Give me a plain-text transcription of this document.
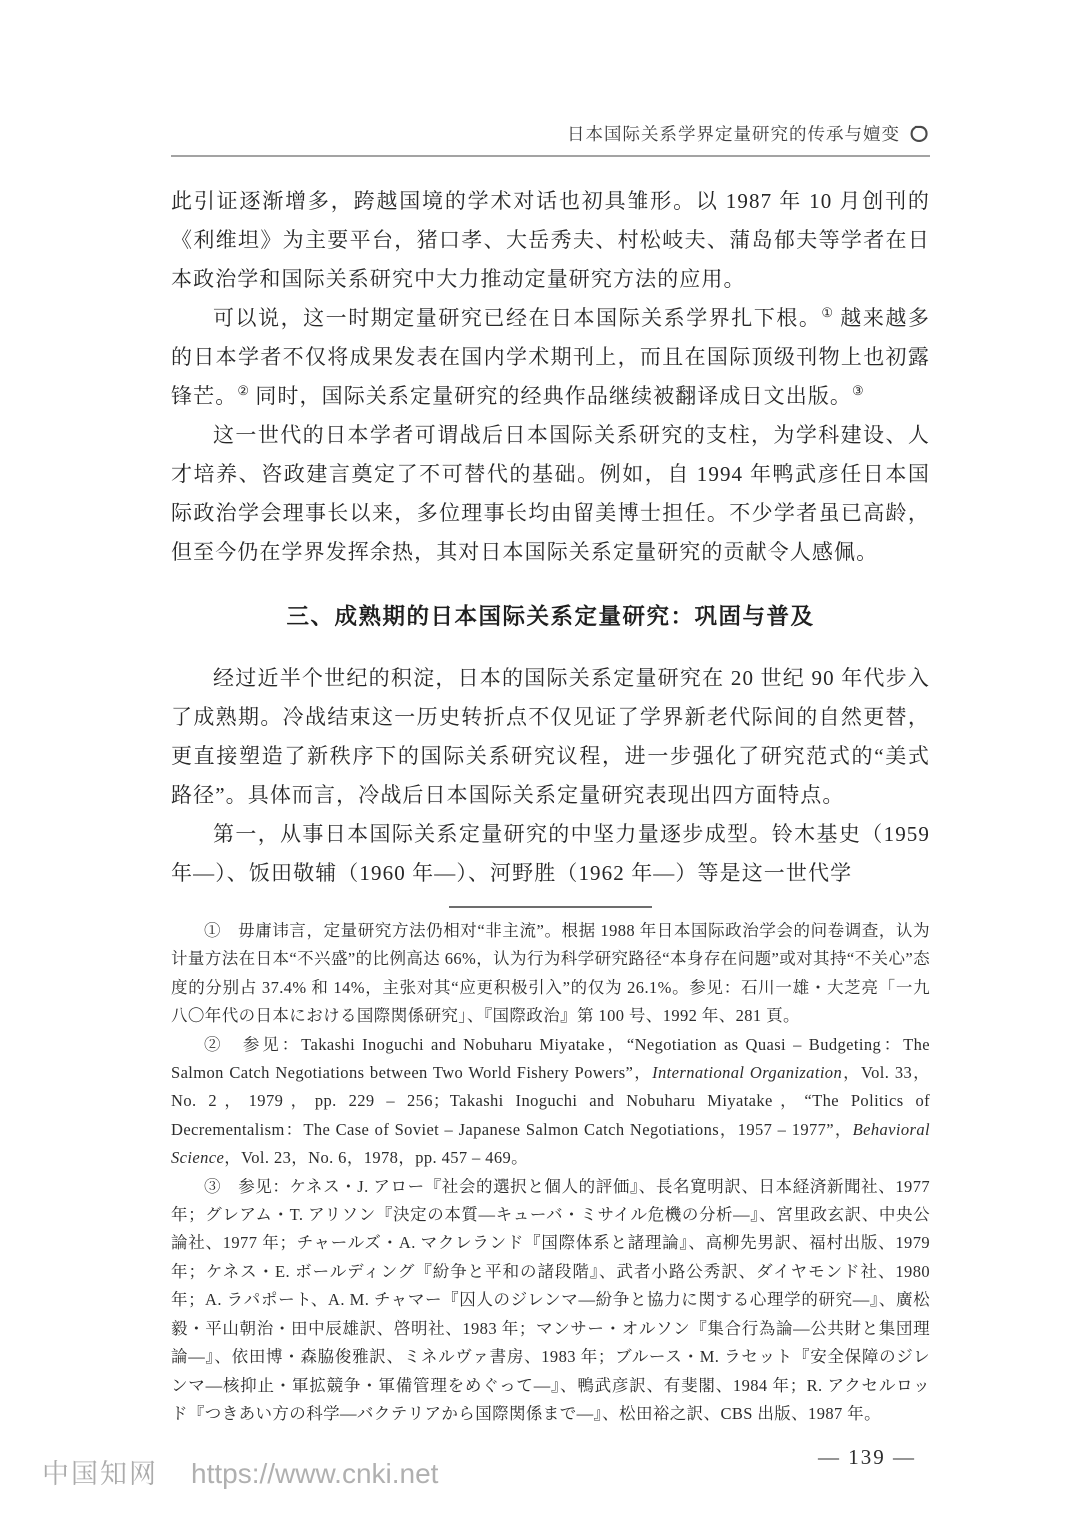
日本国际关系学界定量研究的传承与嬗变

此引证逐渐增多，跨越国境的学术对话也初具雏形。以 1987 年 10 月创刊的《利维坦》为主要平台，猪口孝、大岳秀夫、村松岐夫、蒲岛郁夫等学者在日本政治学和国际关系研究中大力推动定量研究方法的应用。

可以说，这一时期定量研究已经在日本国际关系学界扎下根。① 越来越多的日本学者不仅将成果发表在国内学术期刊上，而且在国际顶级刊物上也初露锋芒。② 同时，国际关系定量研究的经典作品继续被翻译成日文出版。③

这一世代的日本学者可谓战后日本国际关系研究的支柱，为学科建设、人才培养、咨政建言奠定了不可替代的基础。例如，自 1994 年鸭武彦任日本国际政治学会理事长以来，多位理事长均由留美博士担任。不少学者虽已高龄，但至今仍在学界发挥余热，其对日本国际关系定量研究的贡献令人感佩。

三、成熟期的日本国际关系定量研究：巩固与普及

经过近半个世纪的积淀，日本的国际关系定量研究在 20 世纪 90 年代步入了成熟期。冷战结束这一历史转折点不仅见证了学界新老代际间的自然更替，更直接塑造了新秩序下的国际关系研究议程，进一步强化了研究范式的“美式路径”。具体而言，冷战后日本国际关系定量研究表现出四方面特点。

第一，从事日本国际关系定量研究的中坚力量逐步成型。铃木基史（1959 年—）、饭田敬辅（1960 年—）、河野胜（1962 年—）等是这一世代学

①　毋庸讳言，定量研究方法仍相对“非主流”。根据 1988 年日本国际政治学会的问卷调查，认为计量方法在日本“不兴盛”的比例高达 66%，认为行为科学研究路径“本身存在问题”或对其持“不关心”态度的分别占 37.4% 和 14%，主张对其“应更积极引入”的仅为 26.1%。参见：石川一雄・大芝亮「一九八〇年代の日本における国際関係研究」、『国際政治』第 100 号、1992 年、281 頁。

②　参见：Takashi Inoguchi and Nobuharu Miyatake，“Negotiation as Quasi – Budgeting：The Salmon Catch Negotiations between Two World Fishery Powers”，International Organization，Vol. 33，No. 2，1979，pp. 229 – 256；Takashi Inoguchi and Nobuharu Miyatake，“The Politics of Decrementalism：The Case of Soviet – Japanese Salmon Catch Negotiations，1957 – 1977”，Behavioral Science，Vol. 23，No. 6，1978，pp. 457 – 469。

③　参见：ケネス・J. アロー『社会的選択と個人的評価』、長名寛明訳、日本経済新聞社、1977 年；グレアム・T. アリソン『決定の本質—キューバ・ミサイル危機の分析—』、宮里政玄訳、中央公論社、1977 年；チャールズ・A. マクレランド『国際体系と諸理論』、高柳先男訳、福村出版、1979 年；ケネス・E. ボールディング『紛争と平和の諸段階』、武者小路公秀訳、ダイヤモンド社、1980 年；A. ラパポート、A. M. チャマー『囚人のジレンマ—紛争と協力に関する心理学的研究—』、廣松毅・平山朝治・田中辰雄訳、啓明社、1983 年；マンサー・オルソン『集合行為論—公共財と集団理論—』、依田博・森脇俊雅訳、ミネルヴァ書房、1983 年；ブルース・M. ラセット『安全保障のジレンマ—核抑止・軍拡競争・軍備管理をめぐって—』、鴨武彦訳、有斐閣、1984 年；R. アクセルロッド『つきあい方の科学—バクテリアから国際関係まで—』、松田裕之訳、CBS 出版、1987 年。

— 139 —
中国知网 https://www.cnki.net
